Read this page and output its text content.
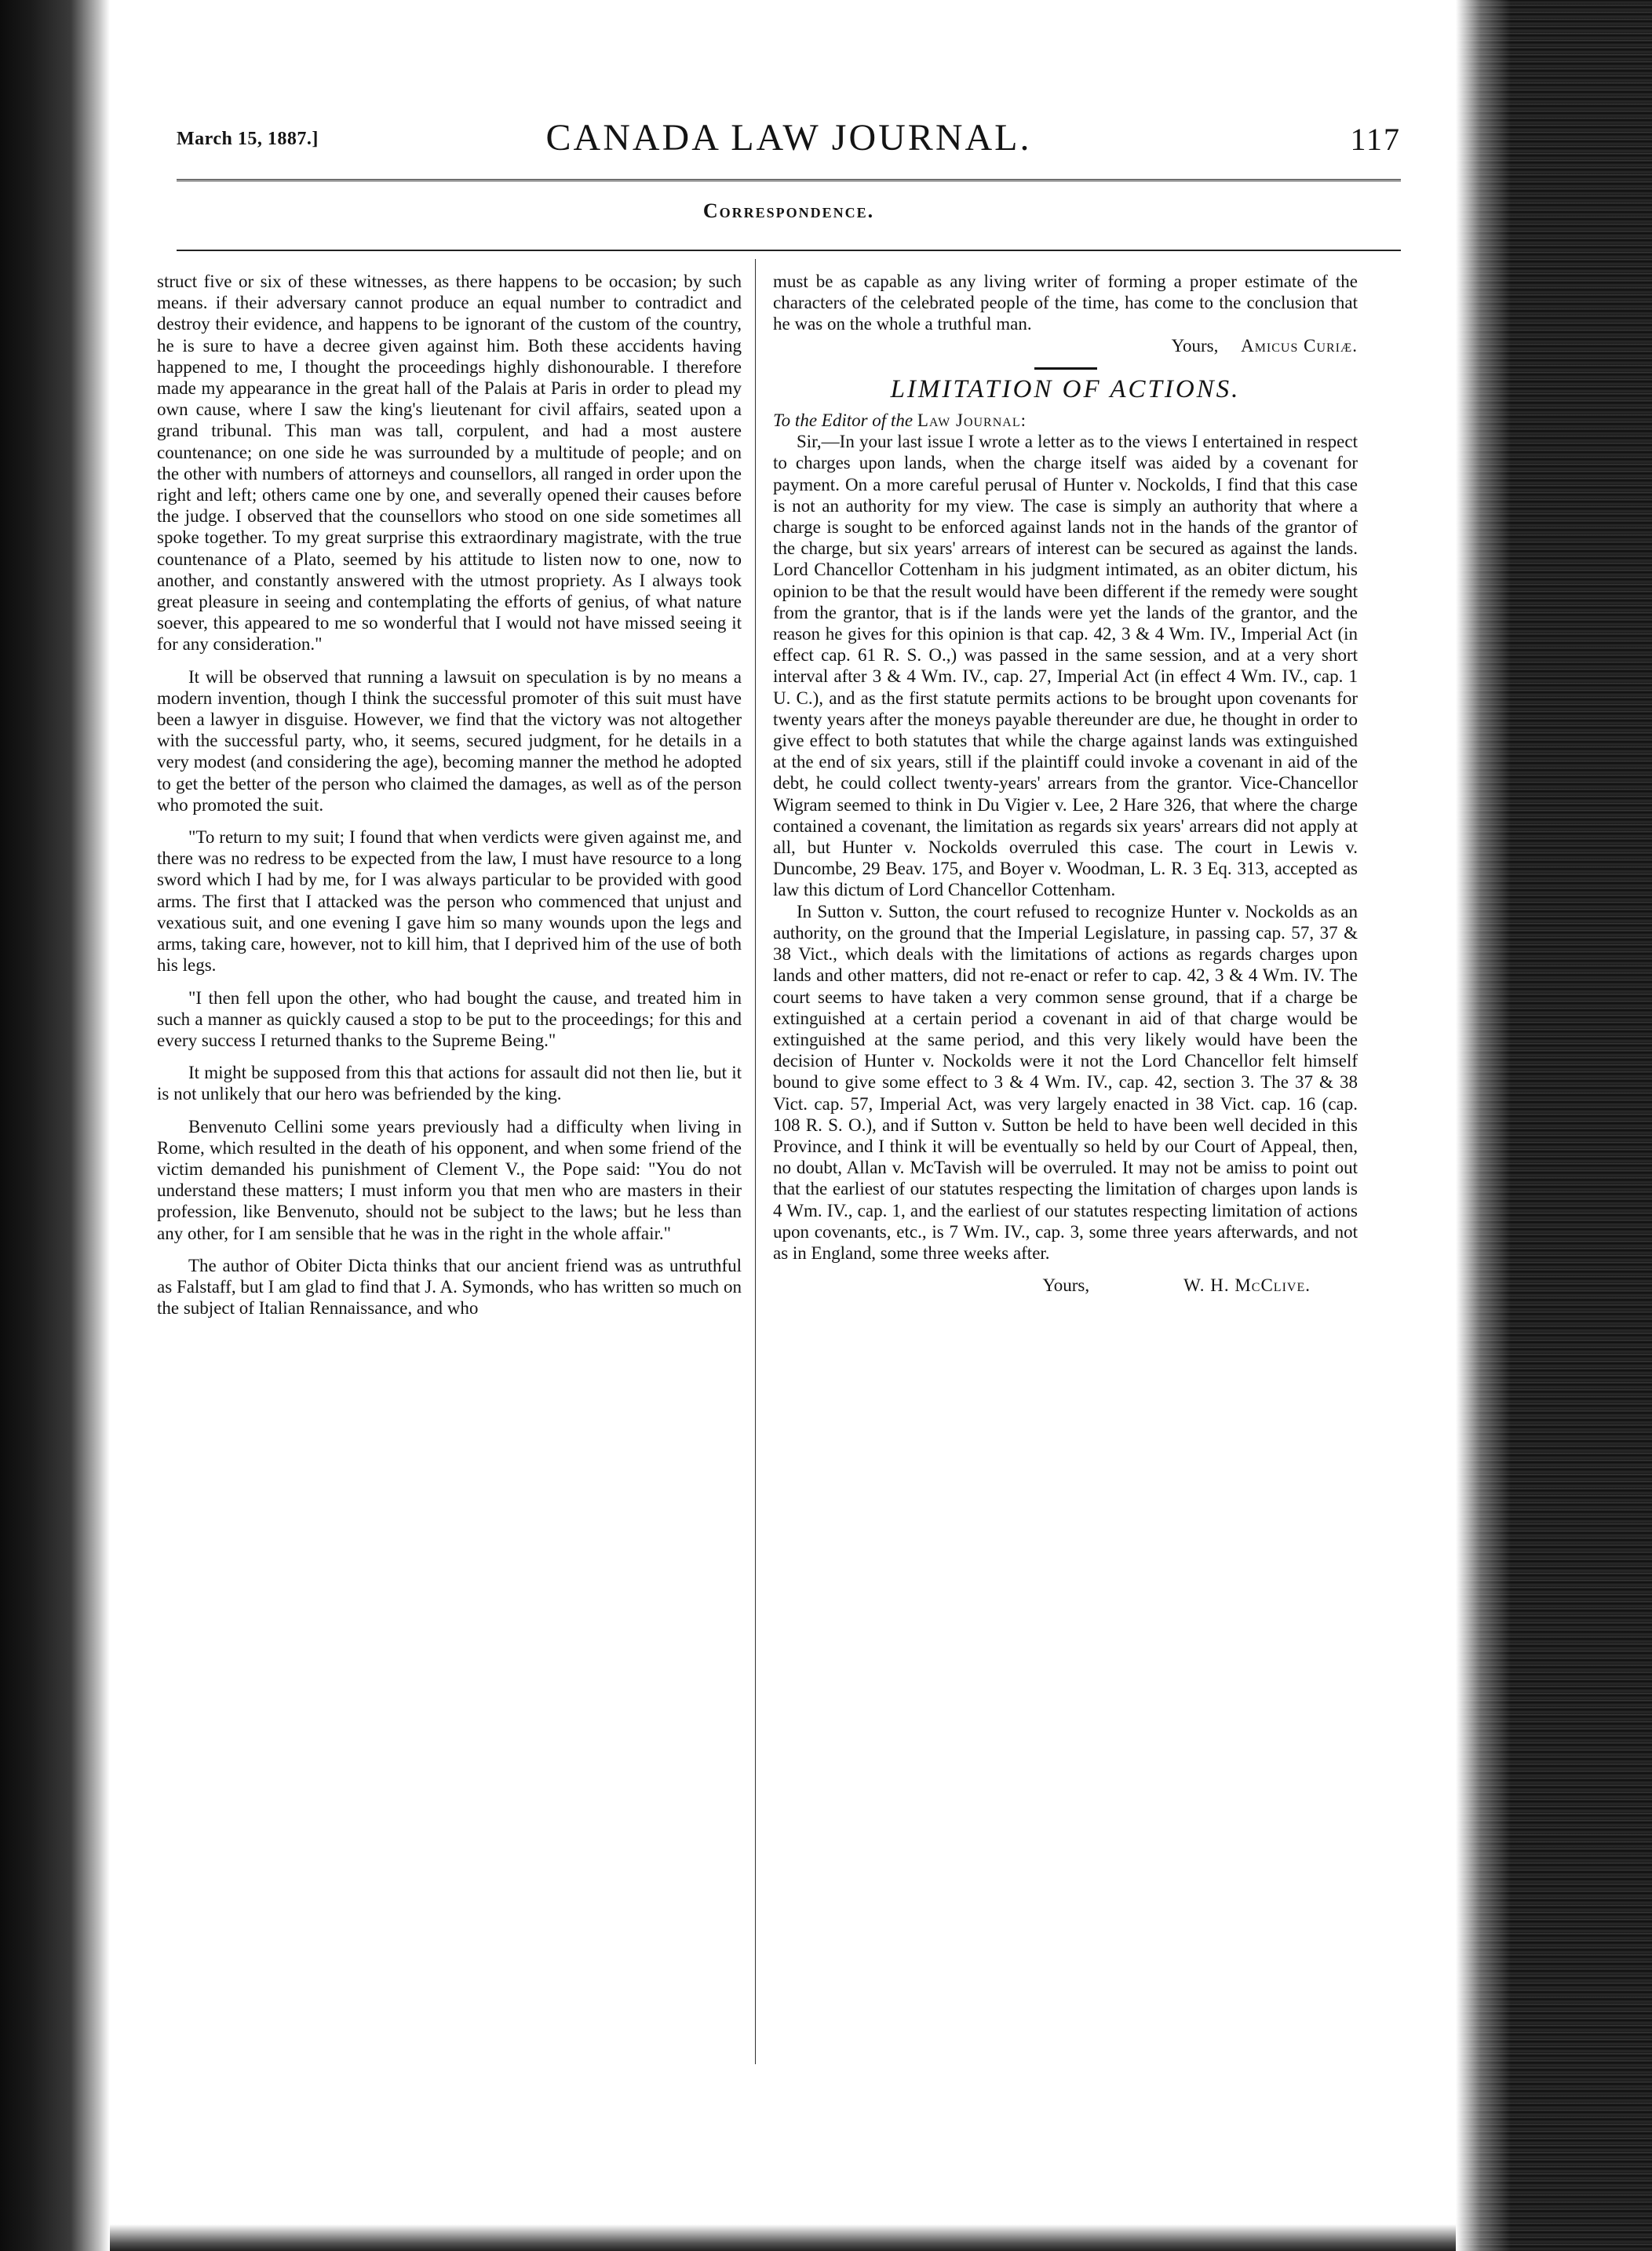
March 15, 1887.]	CANADA LAW JOURNAL.	117
Correspondence.

struct five or six of these witnesses, as there happens to be occasion; by such means. if their adversary cannot produce an equal number to contradict and destroy their evidence, and happens to be ignorant of the custom of the country, he is sure to have a decree given against him. Both these accidents having happened to me, I thought the proceedings highly dishonourable. I therefore made my appearance in the great hall of the Palais at Paris in order to plead my own cause, where I saw the king's lieutenant for civil affairs, seated upon a grand tribunal. This man was tall, corpulent, and had a most austere countenance; on one side he was surrounded by a multitude of people; and on the other with numbers of attorneys and counsellors, all ranged in order upon the right and left; others came one by one, and severally opened their causes before the judge. I observed that the counsellors who stood on one side sometimes all spoke together. To my great surprise this extraordinary magistrate, with the true countenance of a Plato, seemed by his attitude to listen now to one, now to another, and constantly answered with the utmost propriety. As I always took great pleasure in seeing and contemplating the efforts of genius, of what nature soever, this appeared to me so wonderful that I would not have missed seeing it for any consideration."

It will be observed that running a lawsuit on speculation is by no means a modern invention, though I think the successful promoter of this suit must have been a lawyer in disguise. However, we find that the victory was not altogether with the successful party, who, it seems, secured judgment, for he details in a very modest (and considering the age), becoming manner the method he adopted to get the better of the person who claimed the damages, as well as of the person who promoted the suit.

"To return to my suit; I found that when verdicts were given against me, and there was no redress to be expected from the law, I must have resource to a long sword which I had by me, for I was always particular to be provided with good arms. The first that I attacked was the person who commenced that unjust and vexatious suit, and one evening I gave him so many wounds upon the legs and arms, taking care, however, not to kill him, that I deprived him of the use of both his legs.

"I then fell upon the other, who had bought the cause, and treated him in such a manner as quickly caused a stop to be put to the proceedings; for this and every success I returned thanks to the Supreme Being."

It might be supposed from this that actions for assault did not then lie, but it is not unlikely that our hero was befriended by the king.

Benvenuto Cellini some years previously had a difficulty when living in Rome, which resulted in the death of his opponent, and when some friend of the victim demanded his punishment of Clement V., the Pope said: "You do not understand these matters; I must inform you that men who are masters in their profession, like Benvenuto, should not be subject to the laws; but he less than any other, for I am sensible that he was in the right in the whole affair."

The author of Obiter Dicta thinks that our ancient friend was as untruthful as Falstaff, but I am glad to find that J. A. Symonds, who has written so much on the subject of Italian Rennaissance, and who

must be as capable as any living writer of forming a proper estimate of the characters of the celebrated people of the time, has come to the conclusion that he was on the whole a truthful man.

Yours, Amicus Curiæ.

LIMITATION OF ACTIONS.

To the Editor of the Law Journal:

Sir,—In your last issue I wrote a letter as to the views I entertained in respect to charges upon lands, when the charge itself was aided by a covenant for payment. On a more careful perusal of Hunter v. Nockolds, I find that this case is not an authority for my view. The case is simply an authority that where a charge is sought to be enforced against lands not in the hands of the grantor of the charge, but six years' arrears of interest can be secured as against the lands. Lord Chancellor Cottenham in his judgment intimated, as an obiter dictum, his opinion to be that the result would have been different if the remedy were sought from the grantor, that is if the lands were yet the lands of the grantor, and the reason he gives for this opinion is that cap. 42, 3 & 4 Wm. IV., Imperial Act (in effect cap. 61 R. S. O.,) was passed in the same session, and at a very short interval after 3 & 4 Wm. IV., cap. 27, Imperial Act (in effect 4 Wm. IV., cap. 1 U. C.), and as the first statute permits actions to be brought upon covenants for twenty years after the moneys payable thereunder are due, he thought in order to give effect to both statutes that while the charge against lands was extinguished at the end of six years, still if the plaintiff could invoke a covenant in aid of the debt, he could collect twenty-years' arrears from the grantor. Vice-Chancellor Wigram seemed to think in Du Vigier v. Lee, 2 Hare 326, that where the charge contained a covenant, the limitation as regards six years' arrears did not apply at all, but Hunter v. Nockolds overruled this case. The court in Lewis v. Duncombe, 29 Beav. 175, and Boyer v. Woodman, L. R. 3 Eq. 313, accepted as law this dictum of Lord Chancellor Cottenham.

In Sutton v. Sutton, the court refused to recognize Hunter v. Nockolds as an authority, on the ground that the Imperial Legislature, in passing cap. 57, 37 & 38 Vict., which deals with the limitations of actions as regards charges upon lands and other matters, did not re-enact or refer to cap. 42, 3 & 4 Wm. IV. The court seems to have taken a very common sense ground, that if a charge be extinguished at a certain period a covenant in aid of that charge would be extinguished at the same period, and this very likely would have been the decision of Hunter v. Nockolds were it not the Lord Chancellor felt himself bound to give some effect to 3 & 4 Wm. IV., cap. 42, section 3. The 37 & 38 Vict. cap. 57, Imperial Act, was very largely enacted in 38 Vict. cap. 16 (cap. 108 R. S. O.), and if Sutton v. Sutton be held to have been well decided in this Province, and I think it will be eventually so held by our Court of Appeal, then, no doubt, Allan v. McTavish will be overruled. It may not be amiss to point out that the earliest of our statutes respecting the limitation of charges upon lands is 4 Wm. IV., cap. 1, and the earliest of our statutes respecting limitation of actions upon covenants, etc., is 7 Wm. IV., cap. 3, some three years afterwards, and not as in England, some three weeks after.

Yours,	W. H. McClive.
